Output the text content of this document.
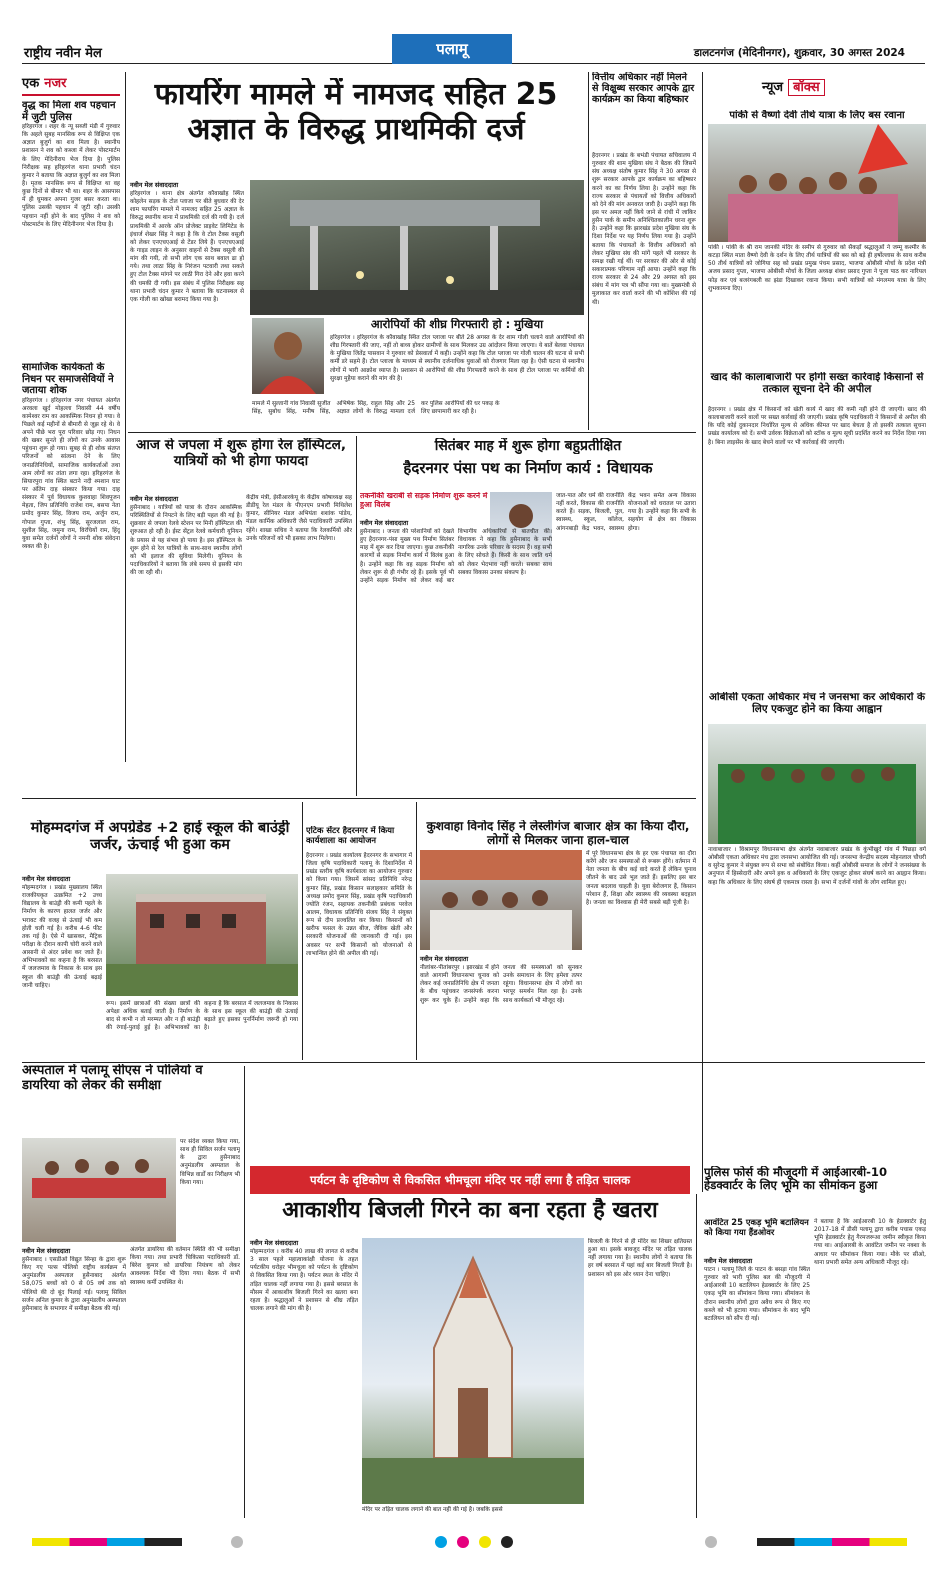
राष्ट्रीय नवीन मेल	पलामू	डालटनगंज (मेदिनीनगर), शुक्रवार, 30 अगस्त 2024
एक नजर
वृद्ध का मिला शव पहचान में जुटी पुलिस
हरिहरगंज । शहर के न्यू सब्जी मंडी में गुरुवार कि अहले सुबह मानसिक रूप से विक्षिप्त एक अज्ञात बुजुर्ग का शव मिला है। स्थानीय प्रशासन ने शव को कब्जा में लेकर पोस्टमार्टम के लिए मेदिनीराय भेज दिया है। पुलिस निरीक्षक सह हरिहरगंज थाना प्रभारी चंदन कुमार ने बताया कि अज्ञात बुजुर्ग का शव मिला है। मृतक मानसिक रूप से विक्षिप्त था वह कुछ दिनों से बीमार भी था। शहर के आसपास में ही घुमकर अपना गुजर बसर करता था। पुलिस उसकी पहचान में जुटी रही। उसकी पहचान नहीं होने के बाद पुलिस ने शव को पोस्टमार्टम के लिए मेदिनीनगर भेज दिया है।
सामाजिक कार्यकर्ता के निधन पर समाजसेवियों ने जताया शोक
हरिहरगंज । हरिहरगंज नगर पंचायत अंतर्गत अरवला खुर्द मोहल्ला निवासी 44 वर्षीय कामेश्वर राम का आकस्मिक निधन हो गया। वे पिछले कई महीनों से बीमारी से जूझ रहे थे। वे अपने पीछे भरा पूरा परिवार छोड़ गए। निधन की खबर सुनते ही लोगों का उनके आवास पहुंचना शुरू हो गया। सुबह से ही शोक संतप्त परिजनों को सांत्वना देने के लिए जनप्रतिनिधियों, सामाजिक कार्यकर्ताओं तथा आम लोगों का तांता लगा रहा। हरिहरगंज के सियारपुरा गांव स्थित बटाने नदी श्मशान घाट पर अंतिम दाह संस्कार किया गया। दाह संस्कार में पूर्व विधायक कुशवाहा शिवपूजन मेहता, जिप प्रतिनिधि राजेश राम, बसपा नेता प्रमोद कुमार सिंह, विजय राम, अर्जुन राम, गोपाल गुप्ता, शंभु सिंह, सूरजलाल राम, सुशील सिंह, जमुना राम, विरंचियों राम, हिंदू युवा समेत दर्जनों लोगों ने नमनी शोक संवेदना व्यक्त की है।
फायरिंग मामले में नामजद सहित 25 अज्ञात के विरुद्ध प्राथमिकी दर्ज
नवीन मेल संवाददाता
हरिहरगंज । थाना क्षेत्र अंतर्गत कौवाखोह स्थित कोहलेन सड़क के टोल प्लाजा पर बीते बुधवार की देर शाम फायरिंग मामले में नामजद सहित 25 अज्ञात के विरुद्ध स्थानीय थाना में प्राथमिकी दर्ज की गयी है। दर्ज प्राथमिकी में आरके ऑन प्रोजेक्ट प्राइवेट लिमिटेड के इंचार्ज शेखर सिंह ने कहा है कि वे टोल टैक्स वसूली को लेकर एनएचएआई से टेंडर लिये हैं। एनएचएआई के गाइड लाइन के अनुसार वाहनों से टैक्स वसूली की मांग की गयी, तो सभी लोग एक साथ बवाल ढा हो गये। तथा लाठा सिंह के निरंजन पटवारी तथा सकते हुए टोल टैक्स मांगने पर लाठी गिरा देने और हवा करने की धमकी दी गयी। इस संबंध में पुलिस निरीक्षक सह थाना प्रभारी चंदन कुमार ने बताया कि घटनास्थल से एक गोली का खोखा बरामद किया गया है।
आरोपियों की शीघ्र गिरफ्तारी हो : मुखिया
हरिहरगंज । हरिहरगंज के कौवाखोह स्थित टोल प्लाजा पर बीते 28 अगस्त के देर शाम गोली चलाने वाले आरोपियों की शीघ्र गिरफ्तारी की जाए, नहीं तो बाध्य होकर ग्रामीणों के साथ मिलकर उग्र आंदोलन किया जाएगा। ये बातें बेलवा पंचायत के मुखिया जितेंद्र पासवान ने गुरुवार को प्रेसवार्ता में कही। उन्होंने कहा कि टोल प्लाजा पर गोली चालन की घटना से सभी कर्मी डरे सहमे हैं। टोल प्लाजा के माध्यम से स्थानीय दर्जनाधिक युवाओं को रोजगार मिला रहा है। ऐसी घटना से स्थानीय लोगों में भारी आक्रोश व्याप्त है। प्रशासन से आरोपियों की शीघ्र गिरफ्तारी करने के साथ ही टोल प्लाजा पर कर्मियों की सुरक्षा मुहैया कराने की मांग की है।
मामले में सुल्तानी गांव निवासी सुजीत सिंह, सुबोध सिंह, मनीष सिंह, अभिषेक सिंह, राहुल सिंह और 25 अज्ञात लोगों के विरुद्ध मामला दर्ज कर पुलिस आरोपियों की धर पकड़ के लिए छापामारी कर रही है।
वित्तीय अधिकार नहीं मिलने से विक्षुब्ध सरकार आपके द्वार कार्यक्रम का किया बहिष्कार
हैदरनगर । प्रखंड के बभंडी पंचायत सचिवालय में गुरुवार की शाम मुखिया संघ ने बैठक की जिसमें संघ अध्यक्ष संतोष कुमार सिंह ने 30 अगस्त से शुरू सरकार आपके द्वार कार्यक्रम का बहिष्कार करने का का निर्णय लिया है। उन्होंने कहा कि राज्य सरकार से पंचायतों को वित्तीय अधिकारों को देने की मांग अनवरत जारी है। उन्होंने कहा कि इस पर अमल नहीं किये जाने से रांची में जाकिर हुसैन पार्क के समीप अनिश्चितकालीन धरना शुरू है। उन्होंने कहा कि झारखंड प्रदेश मुखिया संघ के दिशा निर्देश पर यह निर्णय लिया गया है। उन्होंने बताया कि पंचायतों के वित्तीय अधिकारों को लेकर मुखिया संघ की मांगें पहले भी सरकार के समक्ष रखी गई थीं। पर सरकार की ओर से कोई सकारात्मक परिणाम नहीं आया। उन्होंने कहा कि राज्य सरकार से 24 और 29 अगस्त को इस संबंध में मांग पत्र भी सौंपा गया था। मुख्यमंत्री से मुलाकात कर वार्ता करने की भी कोशिश की गई थी।
न्यूज बॉक्स
पांकी से वैष्णो देवी तीर्थ यात्रा के लिए बस रवाना
पांकी । पांकी के श्री राम जानकी मंदिर के समीप से गुरुवार को सैकड़ों श्रद्धालुओं ने जम्मू कश्मीर के कटड़ा स्थित माता वैष्णो देवी के दर्शन के लिए तीर्थ यात्रियों की बस को बड़े ही हर्षोल्लास के साथ करीब 50 तीर्थ यात्रियों को जोगिया सह को प्रखंड प्रमुख पंचम प्रसाद, भाजपा ओबीसी मोर्चा के प्रदेश मंत्री अजय प्रसाद गुप्ता, भाजपा ओबीसी मोर्चा के जिला अध्यक्ष शंकर प्रसाद गुप्ता ने पूजा पाठ कर नारियल फोड़ कर एवं बजरंगबली का झंडा दिखाकर रवाना किया। सभी यात्रियों को मंगलमय यात्रा के लिए शुभकामना दिए।
खाद की कालाबाजारी पर होगी सख्त कार्रवाई किसानों से तत्काल सूचना देने की अपील
हैदरनगर । प्रखंड क्षेत्र में किसानों को खेती कार्य में खाद की कमी नहीं होने दी जाएगी। खाद की कालाबाजारी करने वालों पर सख्त कार्रवाई की जाएगी। प्रखंड कृषि पदाधिकारी ने किसानों से अपील की कि यदि कोई दुकानदार निर्धारित मूल्य से अधिक कीमत पर खाद बेचता है तो इसकी तत्काल सूचना प्रखंड कार्यालय को दें। सभी उर्वरक विक्रेताओं को स्टॉक व मूल्य सूची प्रदर्शित करने का निर्देश दिया गया है। बिना लाइसेंस के खाद बेचने वालों पर भी कार्रवाई की जाएगी।
ओबीसी एकता अधिकार मंच ने जनसभा कर अधिकारों के लिए एकजुट होने का किया आह्वान
नावाबाजार । विश्रामपुर विधानसभा क्षेत्र अंतर्गत नवाबाजार प्रखंड के कुंभीखुर्द गांव में पिछड़ा वर्ग ओबीसी एकता अधिकार मंच द्वारा जनसभा आयोजित की गई। जनसभा केन्द्रीय सदस्य मोहनलाल चौधरी व सुरेन्द्र कुमार ने संयुक्त रूप से सभा को संबोधित किया। कहीं ओबीसी समाज के लोगों ने जनसंख्या के अनुपात में हिस्सेदारी और अपने हक व अधिकारों के लिए एकजुट होकर संघर्ष करने का आह्वान किया। कहा कि अधिकार के लिए संघर्ष ही एकमात्र रास्ता है। सभा में दर्जनों गांवों के लोग शामिल हुए।
आज से जपला में शुरू होगा रेल हॉस्पिटल, यात्रियों को भी होगा फायदा
नवीन मेल संवाददाता
हुसैनाबाद । यात्रियों को यात्रा के दौरान आकस्मिक परिस्थितियों से निपटने के लिए बड़ी पहल की गई है। शुक्रवार से जपला रेलवे स्टेशन पर मिनी हॉस्पिटल की शुरुआत हो रही है। ईस्ट सेंट्रल रेलवे कर्मचारी यूनियन के प्रयास से यह संभव हो पाया है। इस हॉस्पिटल के शुरू होने से रेल यात्रियों के साथ-साथ स्थानीय लोगों को भी इलाज की सुविधा मिलेगी। यूनियन के पदाधिकारियों ने बताया कि लंबे समय से इसकी मांग की जा रही थी।
केंद्रीय मंत्री, ईसीआरकेयू के केंद्रीय कोषाध्यक्ष सह डीडीयू रेल मंडल के पीएनएम प्रभारी मिथिलेश कुमार, सीनियर मंडल अभियंता शशांक पांडेय, मंडल कार्मिक अधिकारी जैसे पदाधिकारी उपस्थित रहेंगे। शाखा सचिव ने बताया कि रेलकर्मियों और उनके परिजनों को भी इसका लाभ मिलेगा।
सितंबर माह में शुरू होगा बहुप्रतीक्षित
हैदरनगर पंसा पथ का निर्माण कार्य : विधायक
तकनीकी खराबी से सड़क निर्माण शुरू करने में हुआ विलंब
नवीन मेल संवाददाता
हुसैनाबाद । जनता की परेशानियों को देखते हुए हैदरनगर-पंसा मुख्य पथ निर्माण सितंबर माह में शुरू कर दिया जाएगा। कुछ तकनीकी कारणों से सड़क निर्माण कार्य में विलंब हुआ है। उन्होंने कहा कि वह सड़क निर्माण को लेकर शुरू से ही गंभीर रहे हैं। इसके पूर्व भी उन्होंने सड़क निर्माण को लेकर कई बार विभागीय अधिकारियों से बातचीत की। विधायक ने कहा कि हुसैनाबाद के सभी नागरिक उनके परिवार के सदस्य हैं। वह सभी के लिए सोचते हैं। किसी के साथ जाति धर्म को लेकर भेदभाव नहीं करते। सबका साथ सबका विकास उनका संकल्प है।
जात-पात और धर्म की राजनीति नहीं करते, विकास की राजनीति करते हैं। सड़क, बिजली, पुल, स्वास्थ्य, स्कूल, कॉलेज, आंगनबाड़ी केंद्र भवन, स्वास्थ्य केंद्र भवन समेत अन्य विकास योजनाओं को धरातल पर उतारा गया है। उन्होंने कहा कि सभी के सहयोग से क्षेत्र का विकास होगा।
मोहम्मदगंज में अपग्रेडेड +2 हाई स्कूल की बाउंड्री जर्जर, ऊंचाई भी हुआ कम
नवीन मेल संवाददाता
मोहम्मदगंज । प्रखंड मुख्यालय स्थित राजकीयकृत उत्क्रमित +2 उच्च विद्यालय के बाउंड्री की कमी पहले के निर्माण के कारण हालत जर्जर और भरावट की वजह से ऊंचाई भी कम होती चली गई है। करीब 4-6 फीट तक गई है। ऐसे में खासकर, मैट्रिक परीक्षा के दौरान कापी चोरी करने वाले आसानी से अंदर प्रवेश कर जाते हैं। अभिभावकों का कहना है कि बरसात में जलजमाव के निकास के साथ इस स्कूल की बाउंड्री की ऊंचाई बढ़ाई जानी चाहिए।
रूप। इसमें छात्राओं की संख्या छात्रों की अपेक्षा अधिक बताई जाती है। निर्माण के बाद से कभी न तो मरम्मत और न ही बाउंड्री की रंगाई-पुताई हुई है। अभिभावकों का कहना है कि बरसात में जलजमाव के निकास के साथ इस स्कूल की बाउंड्री की ऊंचाई बढ़ाते हुए इसका पुनर्निर्माण जरूरी हो गया है।
एटिक सेंटर हैदरनगर में किया कार्यशाला का आयोजन
हैदरनगर । प्रखंड कार्यालय हैदरनगर के सभागार में जिला कृषि पदाधिकारी पलामू के दिशानिर्देश में प्रखंड स्तरीय कृषि कार्यशाला का आयोजन गुरुवार को किया गया। जिसमें सांसद प्रतिनिधि नरेन्द्र कुमार सिंह, प्रखंड किसान सलाहकार समिति के अध्यक्ष प्रमोद कुमार सिंह, प्रखंड कृषि पदाधिकारी ज्योति रंजन, सहायक तकनीकी प्रबंधक परवेज आलम, विधायक प्रतिनिधि संजय सिंह ने संयुक्त रूप से दीप प्रज्वलित कर किया। किसानों को खरीफ फसल के उन्नत बीज, जैविक खेती और सरकारी योजनाओं की जानकारी दी गई। इस अवसर पर सभी किसानों को योजनाओं से लाभान्वित होने की अपील की गई।
कुशवाहा विनोद सिंह ने लेस्लीगंज बाजार क्षेत्र का किया दौरा, लोगों से मिलकर जाना हाल-चाल
नवीन मेल संवाददाता
नीलांबर-पीतांबरपुर । झारखंड में होने वाले आगामी विधानसभा चुनाव को लेकर कई जनप्रतिनिधि क्षेत्र में जनता के बीच पहुंचकर जनसंपर्क करना शुरू कर चुके हैं। उन्होंने कहा कि जनता की समस्याओं को सुनकर उनके समाधान के लिए हमेशा तत्पर रहूंगा। विधानसभा क्षेत्र में लोगों का भरपूर समर्थन मिल रहा है। उनके साथ कार्यकर्ता भी मौजूद रहे।
में पूरे विधानसभा क्षेत्र के हर एक पंचायत का दौरा करेंगे और जन समस्याओं से रूबरू होंगे। वर्तमान में नेता जनता के बीच कई वादे करते हैं लेकिन चुनाव जीतने के बाद उसे भूल जाते हैं। इसलिए इस बार जनता बदलाव चाहती है। युवा बेरोजगार हैं, किसान परेशान हैं, शिक्षा और स्वास्थ्य की व्यवस्था बदहाल है। जनता का विश्वास ही मेरी सबसे बड़ी पूंजी है।
अस्पताल में पलामू सीएस ने पोलियो व डायरिया को लेकर की समीक्षा
पर संदेश व्यक्त किया गया, साथ ही सिविल सर्जन पलामू के द्वारा हुसैनाबाद अनुमंडलीय अस्पताल के विभिन्न वार्डों का निरीक्षण भी किया गया।
नवीन मेल संवाददाता
हुसैनाबाद । एसडीओ विद्युत सिन्हा के द्वारा शुरू किए गए पल्स पोलियो राष्ट्रीय कार्यक्रम में अनुमंडलीय अस्पताल हुसैनाबाद अंतर्गत 58,075 बच्चों को 0 से 05 वर्ष तक को पोलियो की दो बूंद पिलाई गई। पलामू सिविल सर्जन अनिल कुमार के द्वारा अनुमंडलीय अस्पताल हुसैनाबाद के सभागार में समीक्षा बैठक की गई।
अंतर्गत डायरिया की वर्तमान स्थिति की भी समीक्षा किया गया। तथा प्रभारी चिकित्सा पदाधिकारी डॉ. बिरेश कुमार को डायरिया नियंत्रण को लेकर आवश्यक निर्देश भी दिया गया। बैठक में सभी स्वास्थ्य कर्मी उपस्थित थे।
पर्यटन के दृष्टिकोण से विकसित भीमचूला मंदिर पर नहीं लगा है तड़ित चालक
आकाशीय बिजली गिरने का बना रहता है खतरा
नवीन मेल संवाददाता
मोहम्मदगंज । करीब 40 लाख की लागत से करीब 3 साल पहले महात्वाकांक्षी योजना के तहत पर्यटकीय धरोहर भीमचूला को पर्यटन के दृष्टिकोण से विकसित किया गया है। पर्यटन स्थल के मंदिर में तड़ित चालक नहीं लगाया गया है। इससे बरसात के मौसम में आकाशीय बिजली गिरने का खतरा बना रहता है। श्रद्धालुओं ने प्रशासन से शीघ्र तड़ित चालक लगाने की मांग की है।
मंदिर पर तड़ित चालक लगाने की बात नहीं की गई है। जबकि इससे
बिजली के गिरने से ही मंदिर का शिखर क्षतिग्रस्त हुआ था। इसके बावजूद मंदिर पर तड़ित चालक नहीं लगाया गया है। स्थानीय लोगों ने बताया कि हर वर्ष बरसात में यहां कई बार बिजली गिरती है। प्रशासन को इस ओर ध्यान देना चाहिए।
पुलिस फोर्स की मौजूदगी में आईआरबी-10 हेडक्वार्टर के लिए भूमि का सीमांकन हुआ
आवंटित 25 एकड़ भूमि बटालियन को किया गया हैंडओवर
नवीन मेल संवाददाता
पाटन । पलामू जिले के पाटन के बसड़ा गांव स्थित गुरुवार को भारी पुलिस बल की मौजूदगी में आईआरबी 10 बटालियन हेडक्वार्टर के लिए 25 एकड़ भूमि का सीमांकन किया गया। सीमांकन के दौरान स्थानीय लोगों द्वारा अवैध रूप से किए गए कब्जे को भी हटाया गया। सीमांकन के बाद भूमि बटालियन को सौंप दी गई।
ने बताया है कि आईआरबी 10 के हेडक्वार्टर हेतु 2017-18 में डीसी पलामू द्वारा करीब पचास एकड़ भूमि हेडक्वार्टर हेतु गैरमजरूआ जमीन स्वीकृत किया गया था। आईआरबी के आवंटित जमीन पर नक्शा के आधार पर सीमांकन किया गया। मौके पर सीओ, थाना प्रभारी समेत अन्य अधिकारी मौजूद रहे।
